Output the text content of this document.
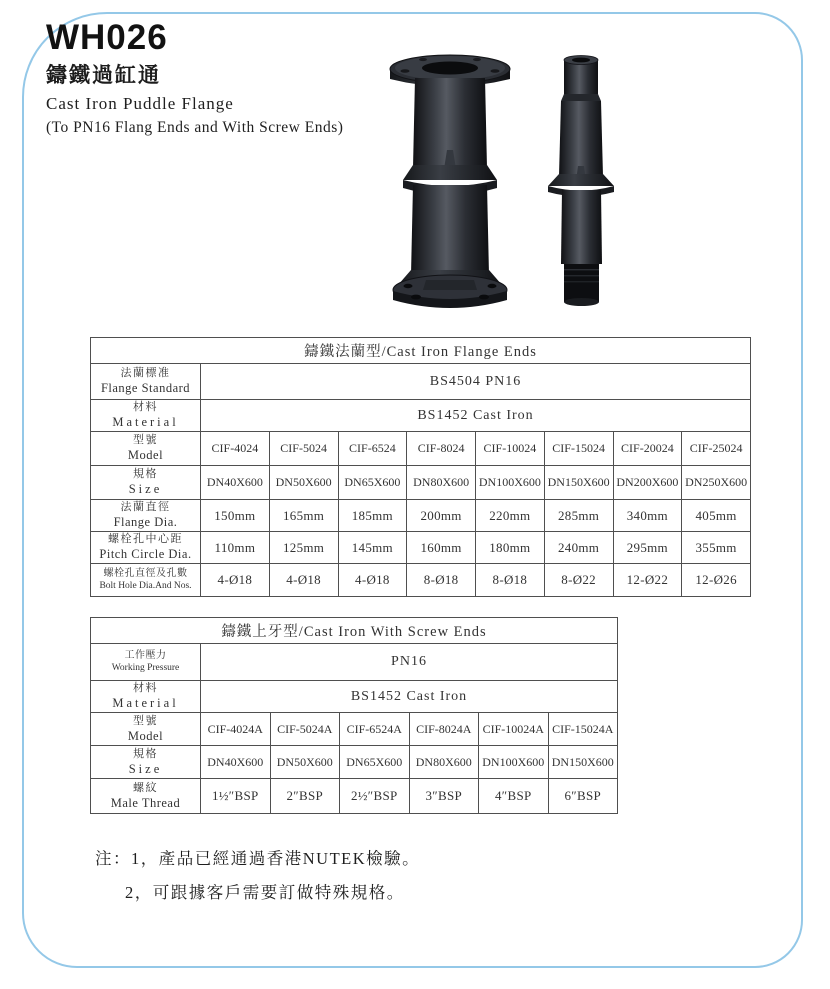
WH026
鑄鐵過缸通
Cast Iron Puddle Flange
(To PN16 Flang Ends and With Screw Ends)
鑄鐵法蘭型/Cast Iron Flange Ends								

法蘭標准
Flange Standard	BS4504 PN16							

材料
Material	BS1452 Cast Iron							

型號
Model	CIF-4024	CIF-5024	CIF-6524	CIF-8024	CIF-10024	CIF-15024	CIF-20024	CIF-25024

規格
Size	DN40X600	DN50X600	DN65X600	DN80X600	DN100X600	DN150X600	DN200X600	DN250X600

法蘭直徑
Flange Dia.	150mm	165mm	185mm	200mm	220mm	285mm	340mm	405mm

螺栓孔中心距
Pitch Circle Dia.	110mm	125mm	145mm	160mm	180mm	240mm	295mm	355mm

螺栓孔直徑及孔數
Bolt Hole Dia.And Nos.	4-Ø18	4-Ø18	4-Ø18	8-Ø18	8-Ø18	8-Ø22	12-Ø22	12-Ø26
鑄鐵上牙型/Cast Iron With Screw Ends						

工作壓力
Working Pressure	PN16					

材料
Material	BS1452 Cast Iron					

型號
Model	CIF-4024A	CIF-5024A	CIF-6524A	CIF-8024A	CIF-10024A	CIF-15024A

規格
Size	DN40X600	DN50X600	DN65X600	DN80X600	DN100X600	DN150X600

螺紋
Male Thread	1½″BSP	2″BSP	2½″BSP	3″BSP	4″BSP	6″BSP
注： 1，產品已經通過香港NUTEK檢驗。
2，可跟據客戶需要訂做特殊規格。
